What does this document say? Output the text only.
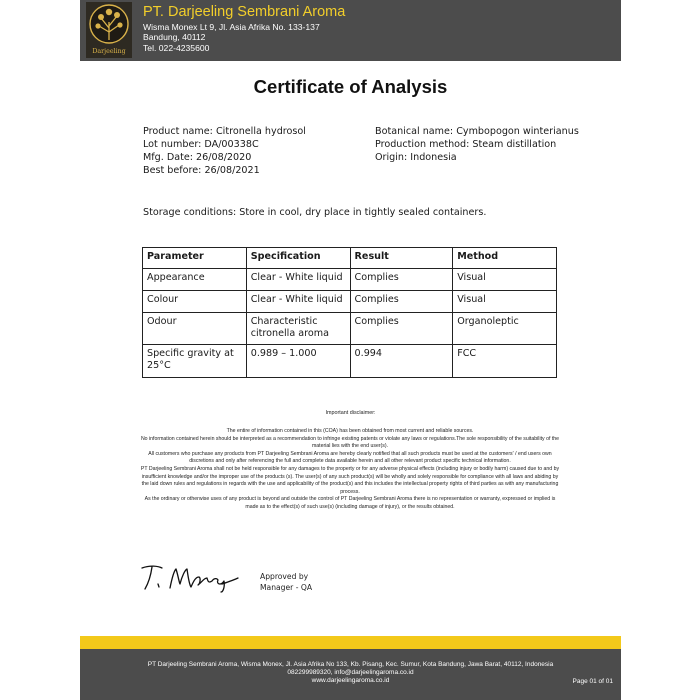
Darjeeling
PT. Darjeeling Sembrani Aroma
Wisma Monex Lt 9, Jl. Asia Afrika No. 133-137
Bandung, 40112
Tel. 022-4235600
Certificate of Analysis
Product name: Citronella hydrosol
Lot number: DA/00338C
Mfg. Date: 26/08/2020
Best before: 26/08/2021
Botanical name: Cymbopogon winterianus
Production method: Steam distillation
Origin: Indonesia
Storage conditions: Store in cool, dry place in tightly sealed containers.
Parameter	Specification	Result	Method
Appearance	Clear - White liquid	Complies	Visual
Colour	Clear - White liquid	Complies	Visual
Odour	Characteristic citronella aroma	Complies	Organoleptic
Specific gravity at 25°C	0.989 – 1.000	0.994	FCC
Important disclaimer:

The entire of information contained in this (COA) has been obtained from most current and reliable sources.

No information contained herein should be interpreted as a recommendation to infringe existing patents or violate any laws or regulations.The sole responsibility of the suitability of the material lies with the end user(s).

All customers who purchase any products from PT Darjeeling Sembrani Aroma are hereby clearly notified that all such products must be used at the customers' / end users own discretions and only after referencing the full and complete data available herein and all other relevant product specific technical information.

PT Darjeeling Sembrani Aroma shall not be held responsible for any damages to the property or for any adverse physical effects (including injury or bodily harm) caused due to and by insufficient knowledge and/or the improper use of the products (s). The user(s) of any such product(s) will be wholly and solely responsible for compliance with all laws and abiding by the laid down rules and regulations in regards with the use and applicability of the product(s) and this includes the intellectual property rights of third parties as with any manufacturing process.

As the ordinary or otherwise uses of any product is beyond and outside the control of PT Darjeeling Sembrani Aroma there is no representation or warranty, expressed or implied is made as to the effect(s) of such use(s) (including damage of injury), or the results obtained.

Approved by
Manager - QA
PT Darjeeling Sembrani Aroma, Wisma Monex, Jl. Asia Afrika No 133, Kb. Pisang, Kec. Sumur, Kota Bandung, Jawa Barat, 40112, Indonesia
082299989320, info@darjeelingaroma.co.id
www.darjeelingaroma.co.id	Page 01 of 01
